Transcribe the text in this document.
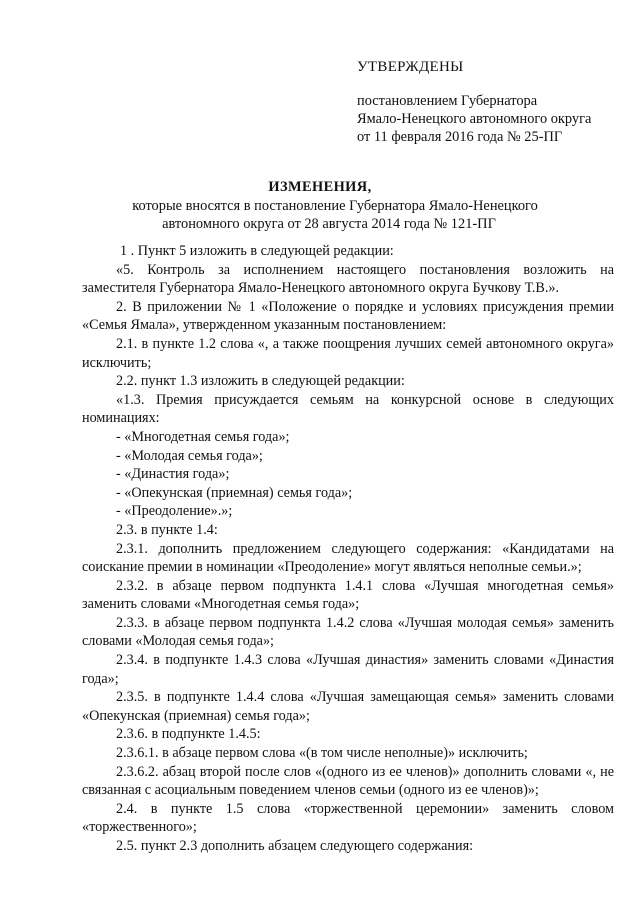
УТВЕРЖДЕНЫ
постановлением Губернатора
Ямало-Ненецкого автономного округа
от 11 февраля 2016 года № 25-ПГ
ИЗМЕНЕНИЯ,
которые вносятся в постановление Губернатора Ямало-Ненецкого
автономного округа от 28 августа 2014 года № 121-ПГ
1 . Пункт 5 изложить в следующей редакции:
«5. Контроль за исполнением настоящего постановления возложить на заместителя Губернатора Ямало-Ненецкого автономного округа Бучкову Т.В.».
2. В приложении № 1 «Положение о порядке и условиях присуждения премии «Семья Ямала», утвержденном указанным постановлением:
2.1. в пункте 1.2 слова «, а также поощрения лучших семей автономного округа» исключить;
2.2. пункт 1.3 изложить в следующей редакции:
«1.3. Премия присуждается семьям на конкурсной основе в следующих номинациях:
- «Многодетная семья года»;
- «Молодая семья года»;
- «Династия года»;
- «Опекунская (приемная) семья года»;
- «Преодоление».»;
2.3. в пункте 1.4:
2.3.1. дополнить предложением следующего содержания: «Кандидатами на соискание премии в номинации «Преодоление» могут являться неполные семьи.»;
2.3.2. в абзаце первом подпункта 1.4.1 слова «Лучшая многодетная семья» заменить словами «Многодетная семья года»;
2.3.3. в абзаце первом подпункта 1.4.2 слова «Лучшая молодая семья» заменить словами «Молодая семья года»;
2.3.4. в подпункте 1.4.3 слова «Лучшая династия» заменить словами «Династия года»;
2.3.5. в подпункте 1.4.4 слова «Лучшая замещающая семья» заменить словами «Опекунская (приемная) семья года»;
2.3.6. в подпункте 1.4.5:
2.3.6.1. в абзаце первом слова «(в том числе неполные)» исключить;
2.3.6.2. абзац второй после слов «(одного из ее членов)» дополнить словами «, не связанная с асоциальным поведением членов семьи (одного из ее членов)»;
2.4. в пункте 1.5 слова «торжественной церемонии» заменить словом «торжественного»;
2.5. пункт 2.3 дополнить абзацем следующего содержания:
